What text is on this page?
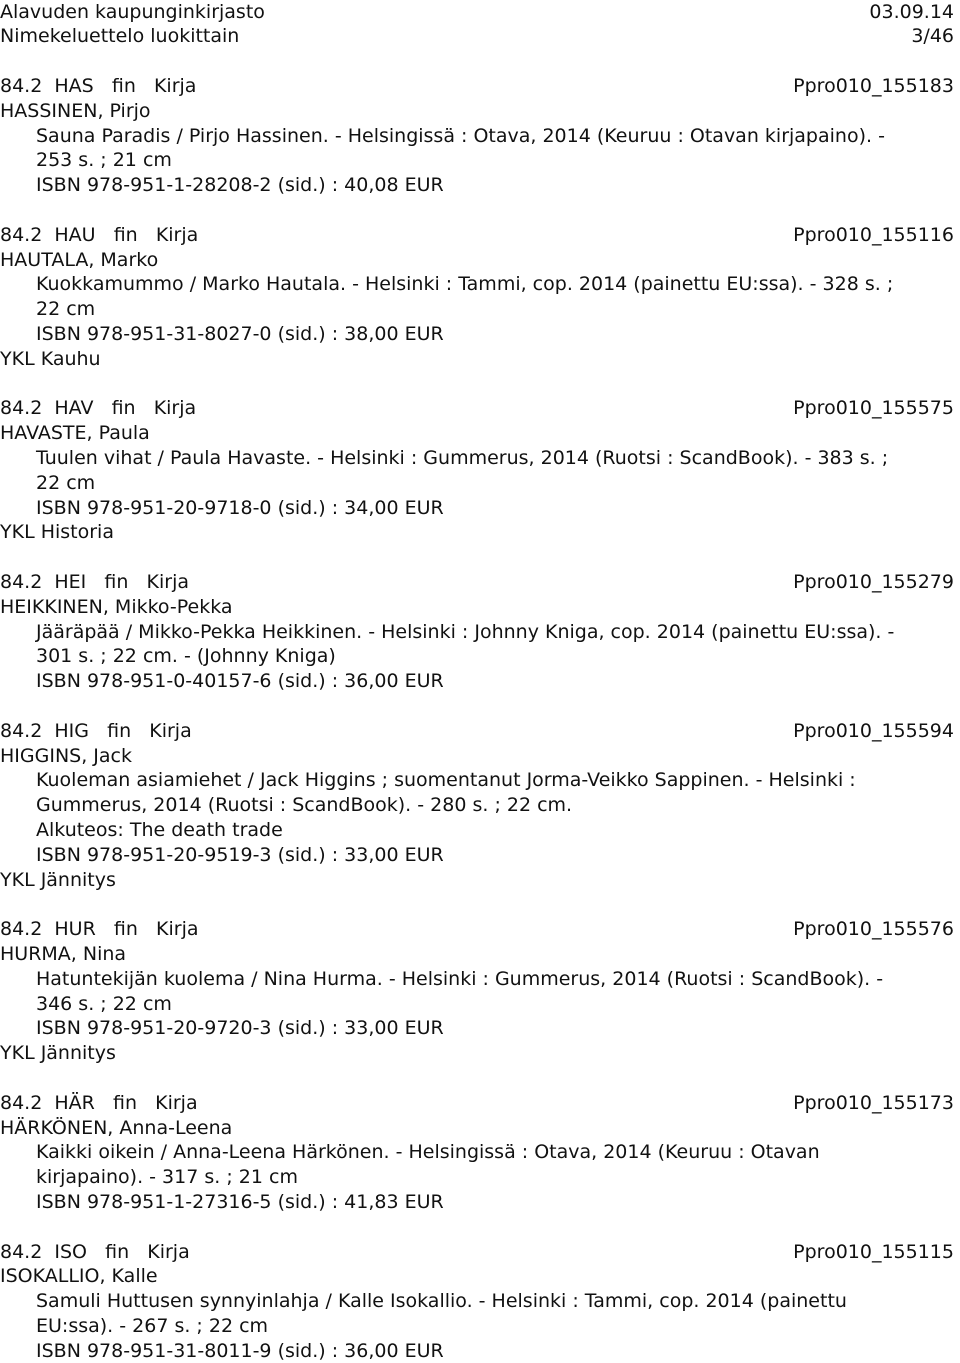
Alavuden kaupunginkirjasto

	03.09.14

Nimekeluettelo luokittain

	3/46

84.2  HAS   fin   Kirja	Ppro010_155183
HASSINEN, Pirjo
Sauna Paradis / Pirjo Hassinen. - Helsingissä : Otava, 2014 (Keuruu : Otavan kirjapaino). -
253 s. ; 21 cm
ISBN 978-951-1-28208-2 (sid.) : 40,08 EUR
84.2  HAU   fin   Kirja	Ppro010_155116
HAUTALA, Marko
Kuokkamummo / Marko Hautala. - Helsinki : Tammi, cop. 2014 (painettu EU:ssa). - 328 s. ;
22 cm
ISBN 978-951-31-8027-0 (sid.) : 38,00 EUR
YKL Kauhu
84.2  HAV   fin   Kirja	Ppro010_155575
HAVASTE, Paula
Tuulen vihat / Paula Havaste. - Helsinki : Gummerus, 2014 (Ruotsi : ScandBook). - 383 s. ;
22 cm
ISBN 978-951-20-9718-0 (sid.) : 34,00 EUR
YKL Historia
84.2  HEI   fin   Kirja	Ppro010_155279
HEIKKINEN, Mikko-Pekka
Jääräpää / Mikko-Pekka Heikkinen. - Helsinki : Johnny Kniga, cop. 2014 (painettu EU:ssa). -
301 s. ; 22 cm. - (Johnny Kniga)
ISBN 978-951-0-40157-6 (sid.) : 36,00 EUR
84.2  HIG   fin   Kirja	Ppro010_155594
HIGGINS, Jack
Kuoleman asiamiehet / Jack Higgins ; suomentanut Jorma-Veikko Sappinen. - Helsinki :
Gummerus, 2014 (Ruotsi : ScandBook). - 280 s. ; 22 cm.
Alkuteos: The death trade
ISBN 978-951-20-9519-3 (sid.) : 33,00 EUR
YKL Jännitys
84.2  HUR   fin   Kirja	Ppro010_155576
HURMA, Nina
Hatuntekijän kuolema / Nina Hurma. - Helsinki : Gummerus, 2014 (Ruotsi : ScandBook). -
346 s. ; 22 cm
ISBN 978-951-20-9720-3 (sid.) : 33,00 EUR
YKL Jännitys
84.2  HÄR   fin   Kirja	Ppro010_155173
HÄRKÖNEN, Anna-Leena
Kaikki oikein / Anna-Leena Härkönen. - Helsingissä : Otava, 2014 (Keuruu : Otavan
kirjapaino). - 317 s. ; 21 cm
ISBN 978-951-1-27316-5 (sid.) : 41,83 EUR
84.2  ISO   fin   Kirja	Ppro010_155115
ISOKALLIO, Kalle
Samuli Huttusen synnyinlahja / Kalle Isokallio. - Helsinki : Tammi, cop. 2014 (painettu
EU:ssa). - 267 s. ; 22 cm
ISBN 978-951-31-8011-9 (sid.) : 36,00 EUR
